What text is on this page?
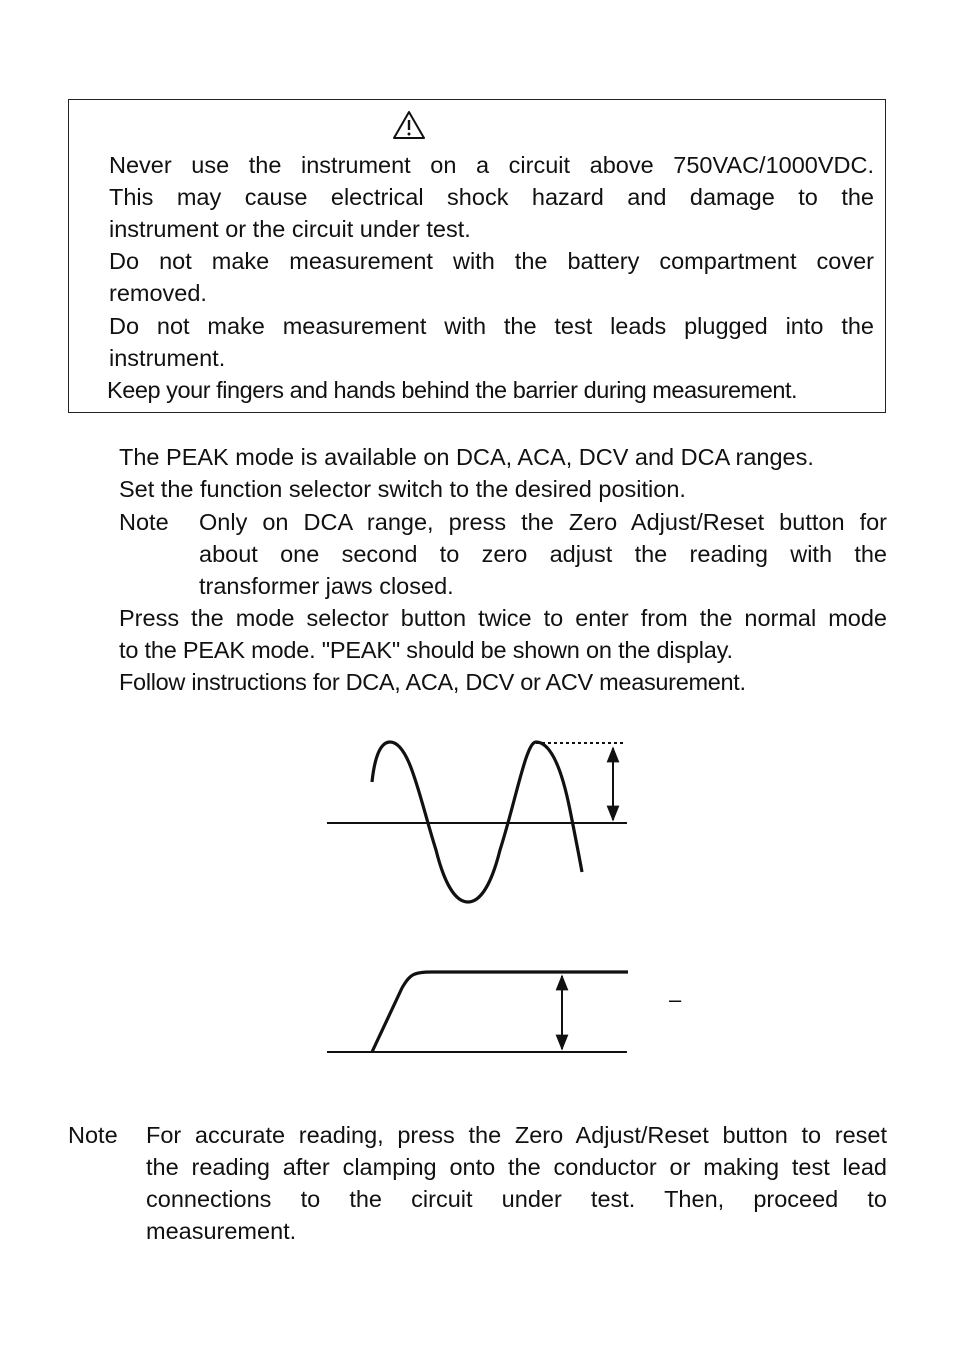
Never use the instrument on a circuit above 750VAC/1000VDC.
This may cause electrical shock hazard and damage to the
instrument or the circuit under test.
Do not make measurement with the battery compartment cover
removed.
Do not make measurement with the test leads plugged into the
instrument.
Keep your fingers and hands behind the barrier during measurement.
The PEAK mode is available on DCA, ACA, DCV and DCA ranges.
Set the function selector switch to the desired position.
Note Only on DCA range, press the Zero Adjust/Reset button for
about one second to zero adjust the reading with the
transformer jaws closed.
Press the mode selector button twice to enter from the normal mode
to the PEAK mode. "PEAK" should be shown on the display.
Follow instructions for DCA, ACA, DCV or ACV measurement.
–
Note For accurate reading, press the Zero Adjust/Reset button to reset
the reading after clamping onto the conductor or making test lead
connections to the circuit under test. Then, proceed to
measurement.
